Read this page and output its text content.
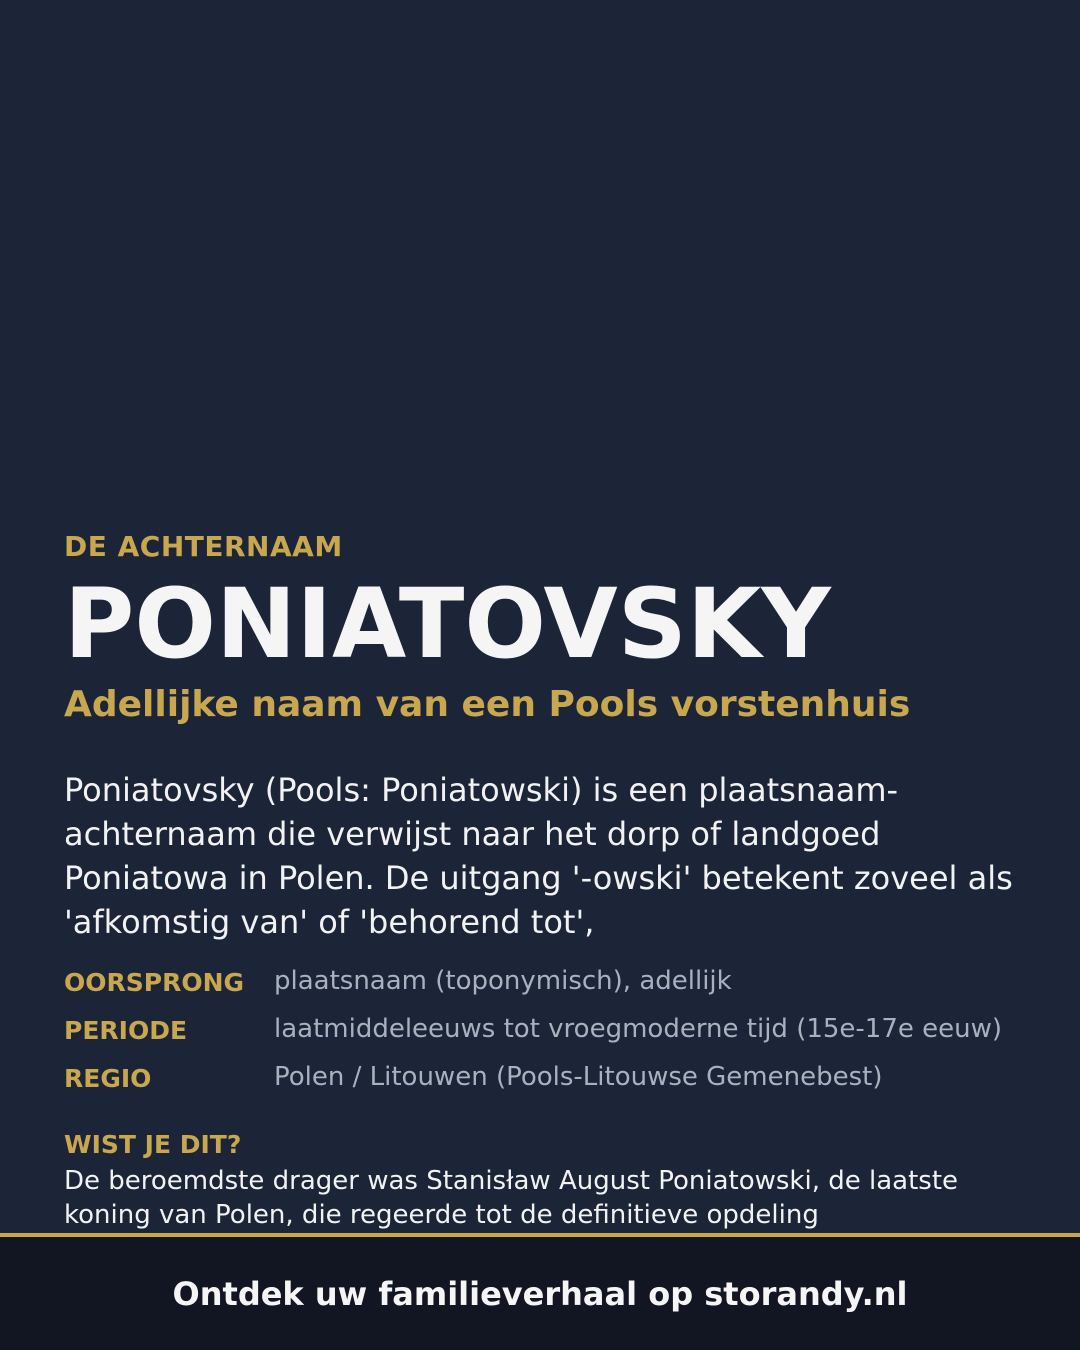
DE ACHTERNAAM
PONIATOVSKY
Adellijke naam van een Pools vorstenhuis
Poniatovsky (Pools: Poniatowski) is een plaatsnaam-achternaam die verwijst naar het dorp of landgoed Poniatowa in Polen. De uitgang '-owski' betekent zoveel als 'afkomstig van' of 'behorend tot',
OORSPRONG	plaatsnaam (toponymisch), adellijk
PERIODE	laatmiddeleeuws tot vroegmoderne tijd (15e-17e eeuw)
REGIO	Polen / Litouwen (Pools-Litouwse Gemenebest)
WIST JE DIT?
De beroemdste drager was Stanisław August Poniatowski, de laatste koning van Polen, die regeerde tot de definitieve opdeling
Ontdek uw familieverhaal op storandy.nl
